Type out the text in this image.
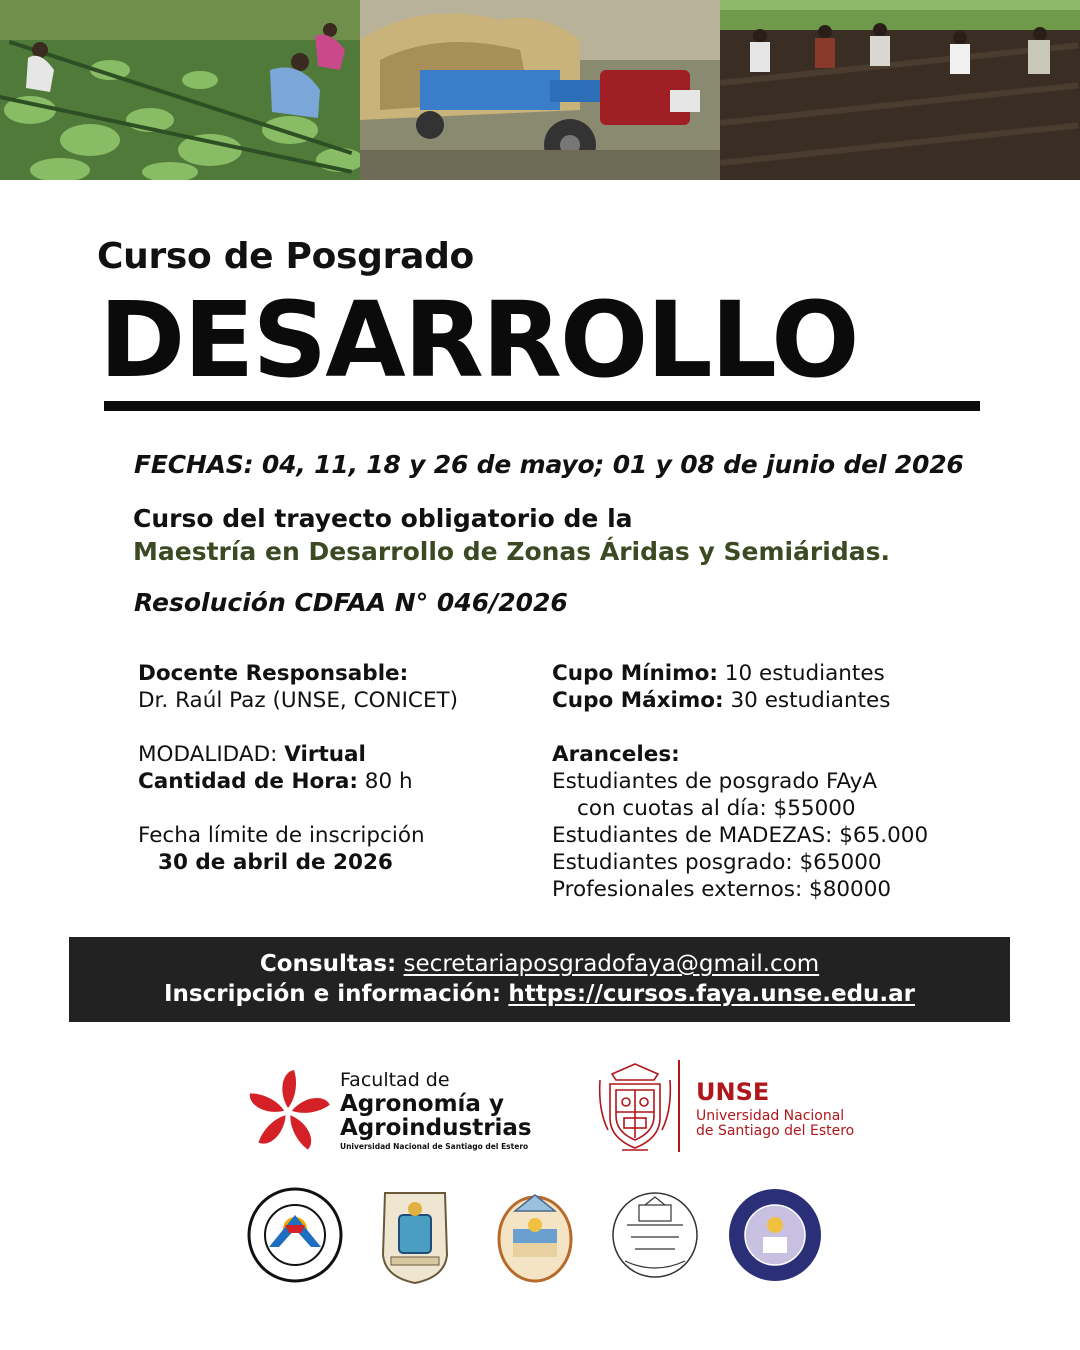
Curso de Posgrado
DESARROLLO
FECHAS: 04, 11, 18 y 26 de mayo; 01 y 08 de junio del 2026
Curso del trayecto obligatorio de la
Maestría en Desarrollo de Zonas Áridas y Semiáridas.
Resolución CDFAA N° 046/2026
Docente Responsable:
Dr. Raúl Paz (UNSE, CONICET)
MODALIDAD: Virtual
Cantidad de Hora: 80 h
Fecha límite de inscripción
30 de abril de 2026
Cupo Mínimo: 10 estudiantes
Cupo Máximo: 30 estudiantes
Aranceles:
Estudiantes de posgrado FAyA
con cuotas al día: $55000
Estudiantes de MADEZAS: $65.000
Estudiantes posgrado: $65000
Profesionales externos: $80000
Consultas: secretariaposgradofaya@gmail.com
Inscripción e información: https://cursos.faya.unse.edu.ar
Facultad de
Agronomía y
Agroindustrias
Universidad Nacional de Santiago del Estero
UNSE
Universidad Nacional
de Santiago del Estero
